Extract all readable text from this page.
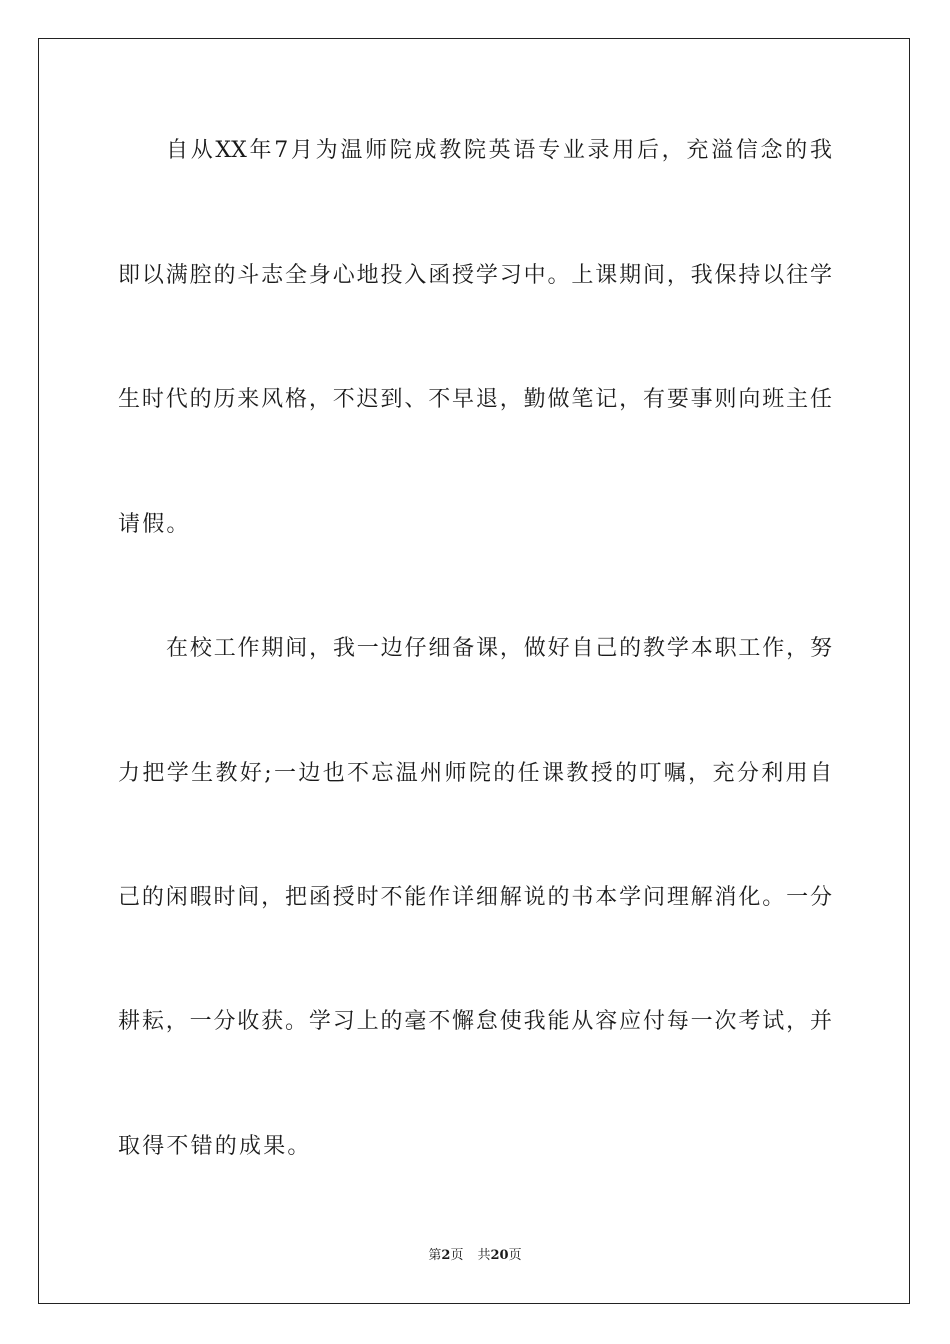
自从XX年7月为温师院成教院英语专业录用后，充溢信念的我
即以满腔的斗志全身心地投入函授学习中。上课期间，我保持以往学
生时代的历来风格，不迟到、不早退，勤做笔记，有要事则向班主任
请假。
在校工作期间，我一边仔细备课，做好自己的教学本职工作，努
力把学生教好;一边也不忘温州师院的任课教授的叮嘱，充分利用自
己的闲暇时间，把函授时不能作详细解说的书本学问理解消化。一分
耕耘，一分收获。学习上的毫不懈怠使我能从容应付每一次考试，并
取得不错的成果。
第2页 共20页
